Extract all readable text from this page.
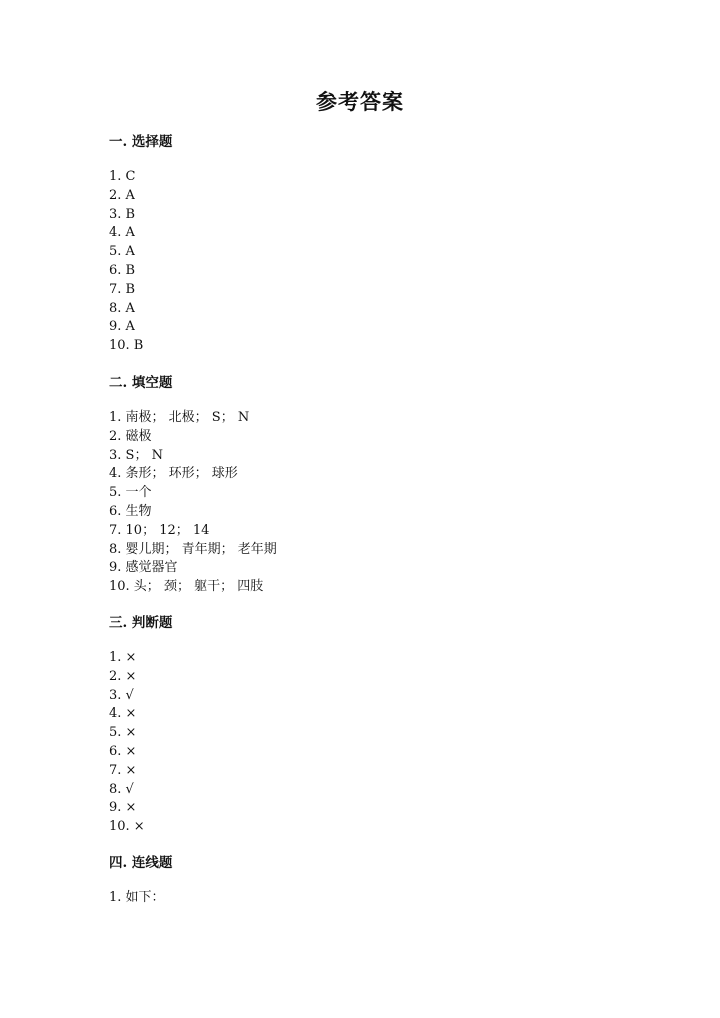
参考答案
一. 选择题
1. C
2. A
3. B
4. A
5. A
6. B
7. B
8. A
9. A
10. B
二. 填空题
1. 南极； 北极； S； N
2. 磁极
3. S； N
4. 条形； 环形； 球形
5. 一个
6. 生物
7. 10； 12； 14
8. 婴儿期； 青年期； 老年期
9. 感觉器官
10. 头； 颈； 躯干； 四肢
三. 判断题
1. ×
2. ×
3. √
4. ×
5. ×
6. ×
7. ×
8. √
9. ×
10. ×
四. 连线题
1. 如下：
